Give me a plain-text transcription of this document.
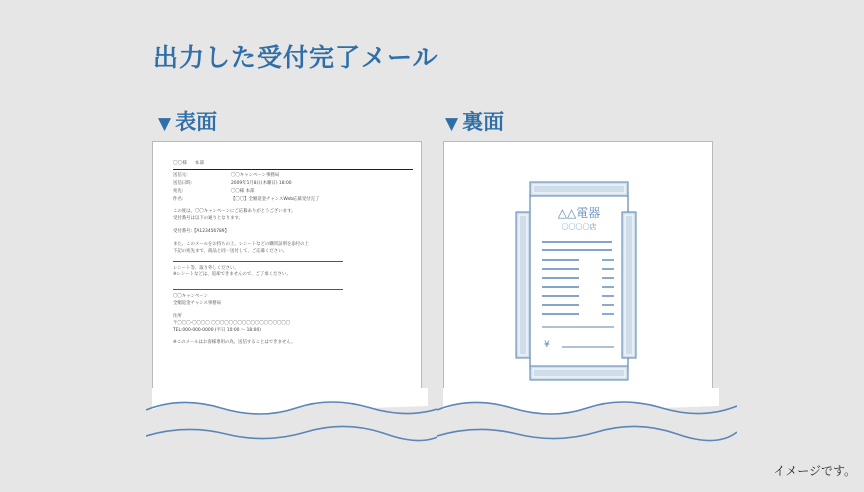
出力した受付完了メール
▼ 表面	▼ 裏面
〇〇様 本部
送信元:	〇〇キャンペーン事務局
送信日時:	2009年1月8日(木曜日) 18:00
宛先:	〇〇様 本部
件名:	【〇〇】全額返金チャンスWeb応募受付完了
この度は、〇〇キャンペーンにご応募ありがとうございます。
受付番号は以下の通りとなります。
受付番号:【A123456789】
また、このメールをお持ちの上、レシートなどの購買証明を添付の上
下記の宛先まで、商品と同一送付して、ご応募ください。
レシート等、取り外しください。
※レシートなどは、返却できませんので、ご了承ください。
〇〇キャンペーン
全額返金チャンス事務局
住所
〒〇〇〇-〇〇〇〇 〇〇〇〇〇〇〇〇〇〇〇〇〇〇〇〇〇〇
TEL:000-000-0000 (平日 10:00 ～ 18:00)
※このメールはお客様専用の為、送信することはできません。
△△電器
〇〇〇〇店
¥
イメージです。
